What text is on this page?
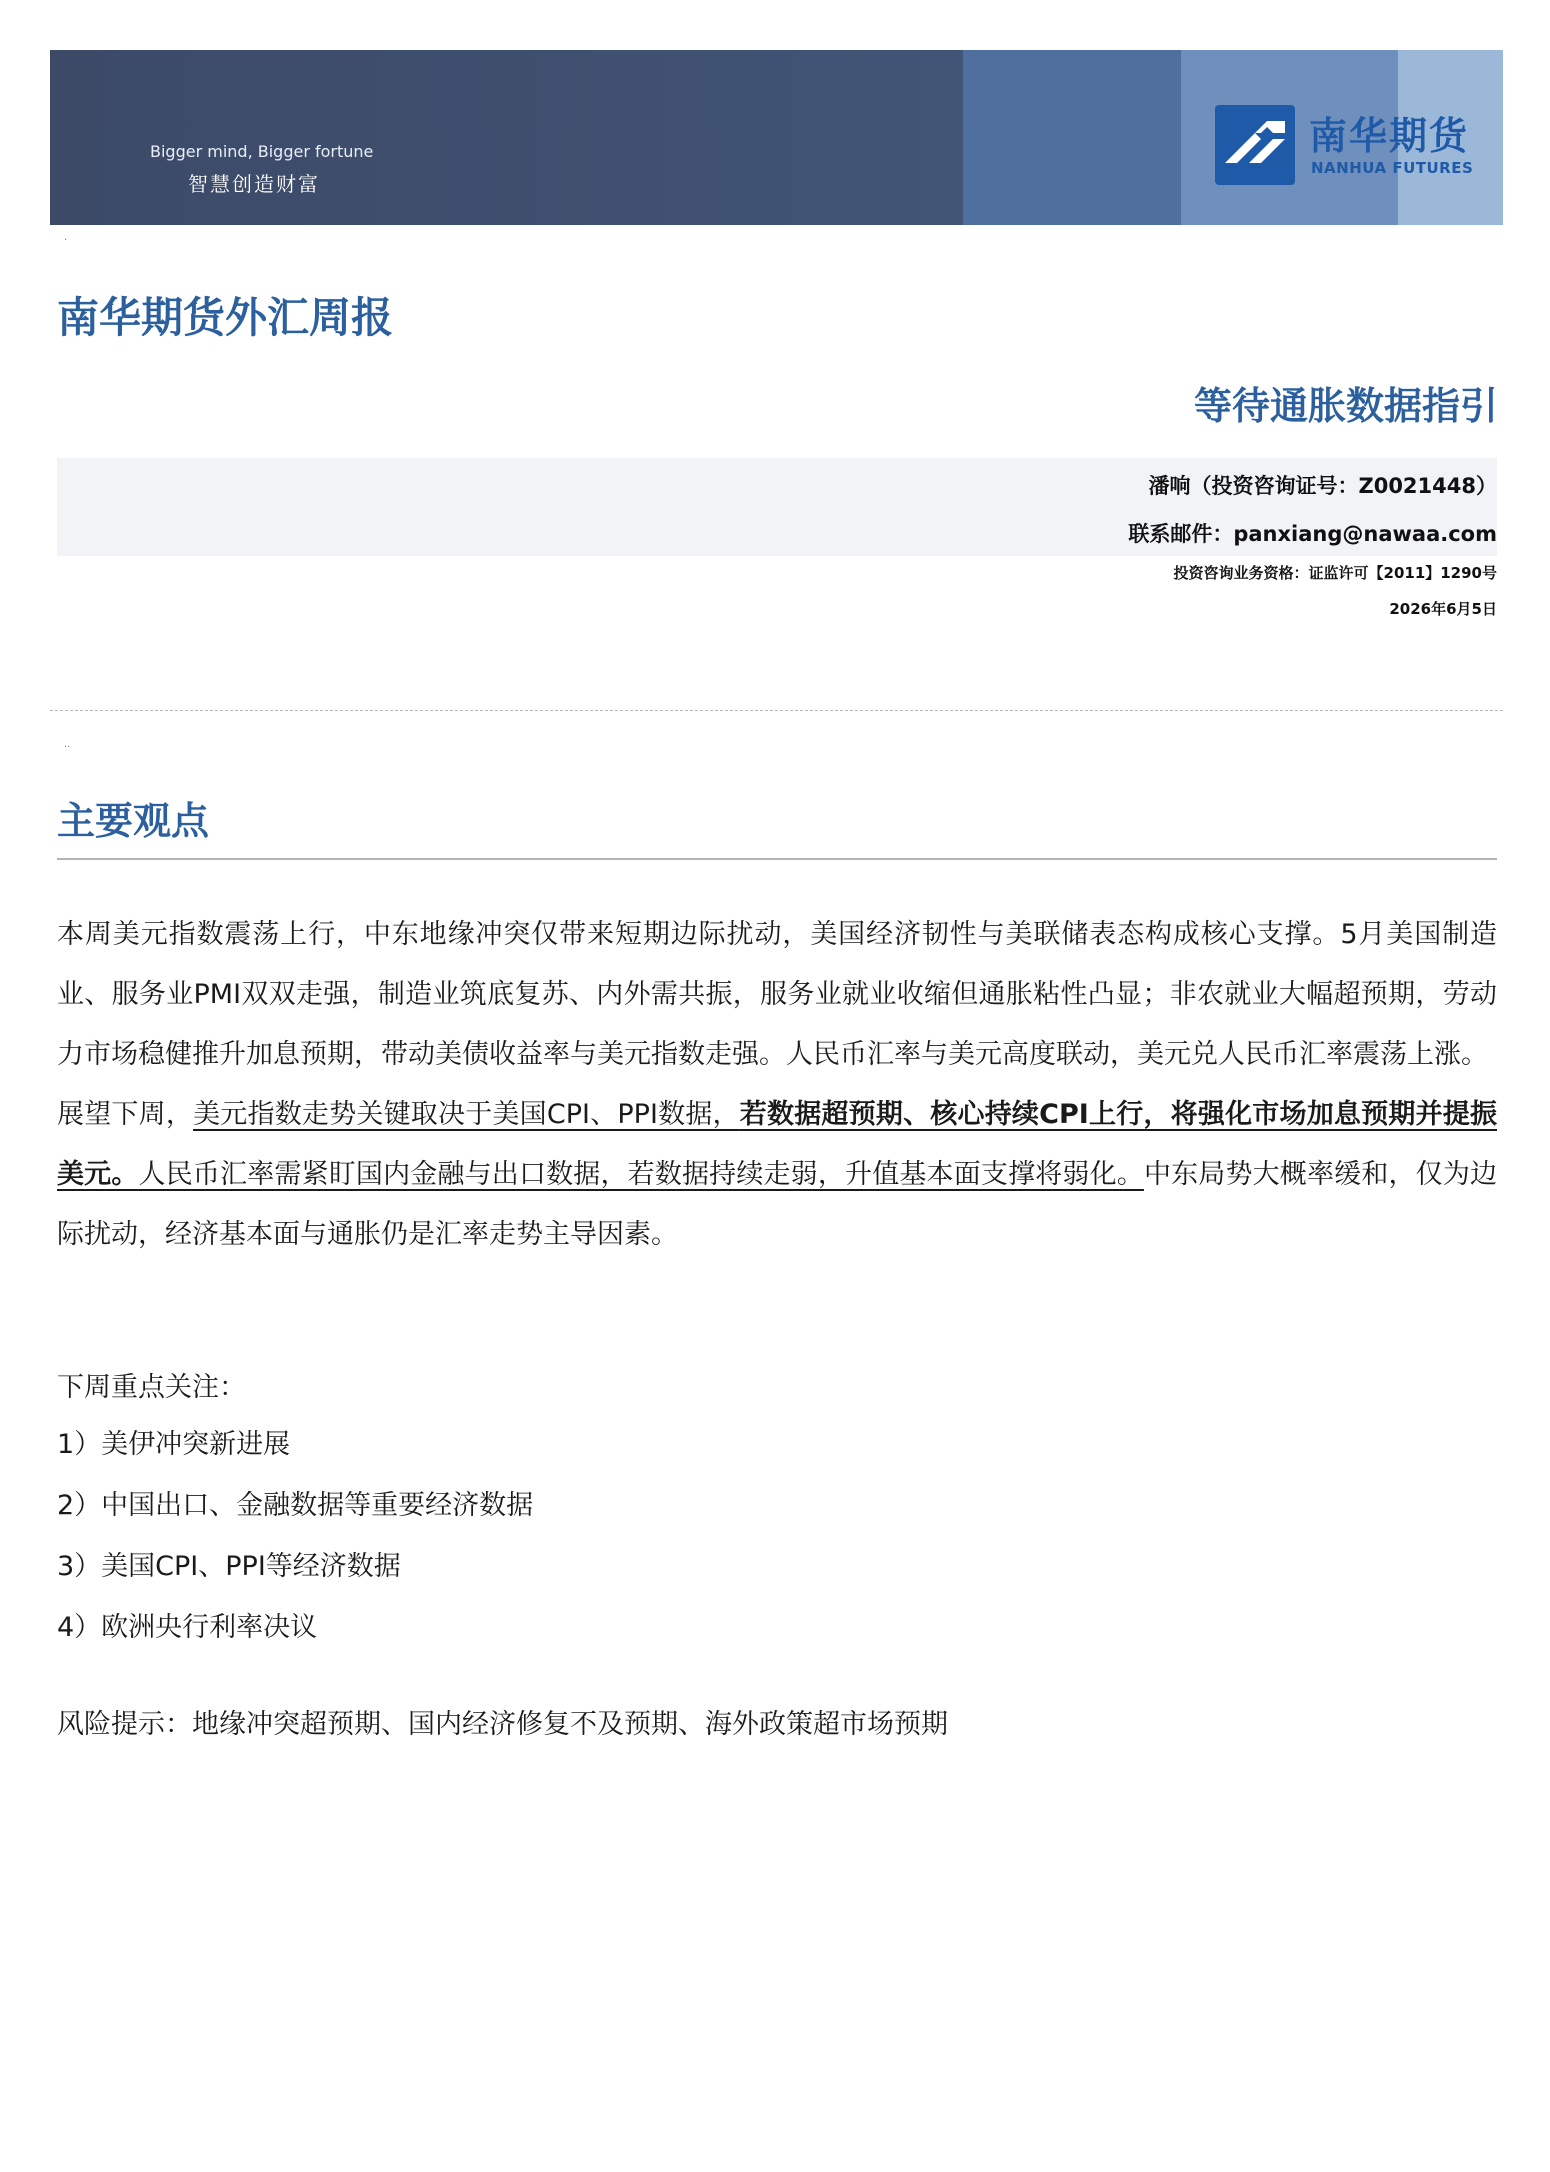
Bigger mind, Bigger fortune
智慧创造财富
南华期货
NANHUA FUTURES
·
南华期货外汇周报
等待通胀数据指引
潘响（投资咨询证号：Z0021448）
联系邮件：panxiang@nawaa.com
投资咨询业务资格：证监许可【2011】1290号
2026年6月5日
··
主要观点

本周美元指数震荡上行，中东地缘冲突仅带来短期边际扰动，美国经济韧性与美联储表态构成核心支撑。5月美国制造业、服务业PMI双双走强，制造业筑底复苏、内外需共振，服务业就业收缩但通胀粘性凸显；非农就业大幅超预期，劳动力市场稳健推升加息预期，带动美债收益率与美元指数走强。人民币汇率与美元高度联动，美元兑人民币汇率震荡上涨。

展望下周，美元指数走势关键取决于美国CPI、PPI数据，若数据超预期、核心持续CPI上行，将强化市场加息预期并提振美元。人民币汇率需紧盯国内金融与出口数据，若数据持续走弱，升值基本面支撑将弱化。中东局势大概率缓和，仅为边际扰动，经济基本面与通胀仍是汇率走势主导因素。

下周重点关注：

1）美伊冲突新进展
2）中国出口、金融数据等重要经济数据
3）美国CPI、PPI等经济数据
4）欧洲央行利率决议

风险提示：地缘冲突超预期、国内经济修复不及预期、海外政策超市场预期
